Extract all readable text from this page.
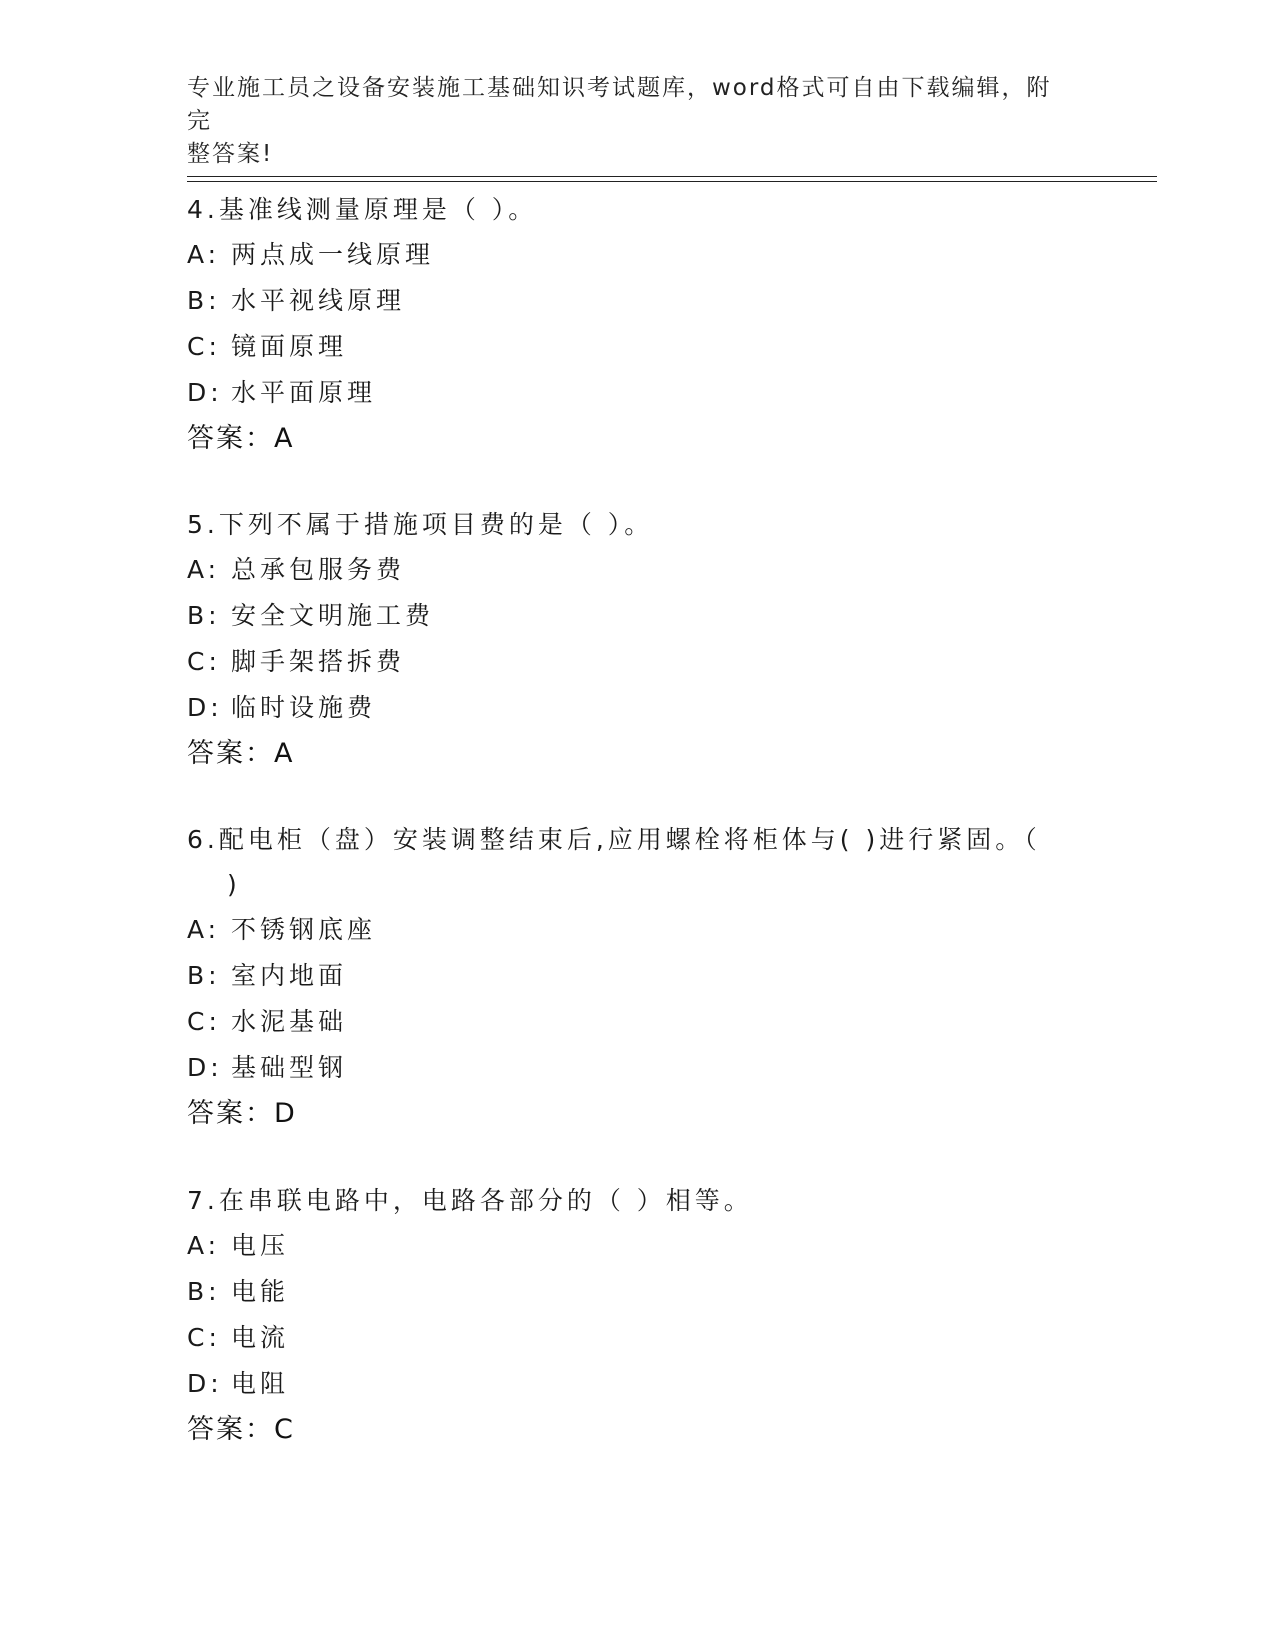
专业施工员之设备安装施工基础知识考试题库，word格式可自由下载编辑，附完
整答案!
4.基准线测量原理是（ ）。
A: 两点成一线原理
B: 水平视线原理
C: 镜面原理
D: 水平面原理
答案：A
5.下列不属于措施项目费的是（ ）。
A: 总承包服务费
B: 安全文明施工费
C: 脚手架搭拆费
D: 临时设施费
答案：A
6.配电柜（盘）安装调整结束后,应用螺栓将柜体与( )进行紧固。（
)
A: 不锈钢底座
B: 室内地面
C: 水泥基础
D: 基础型钢
答案：D
7.在串联电路中，电路各部分的（ ）相等。
A: 电压
B: 电能
C: 电流
D: 电阻
答案：C
